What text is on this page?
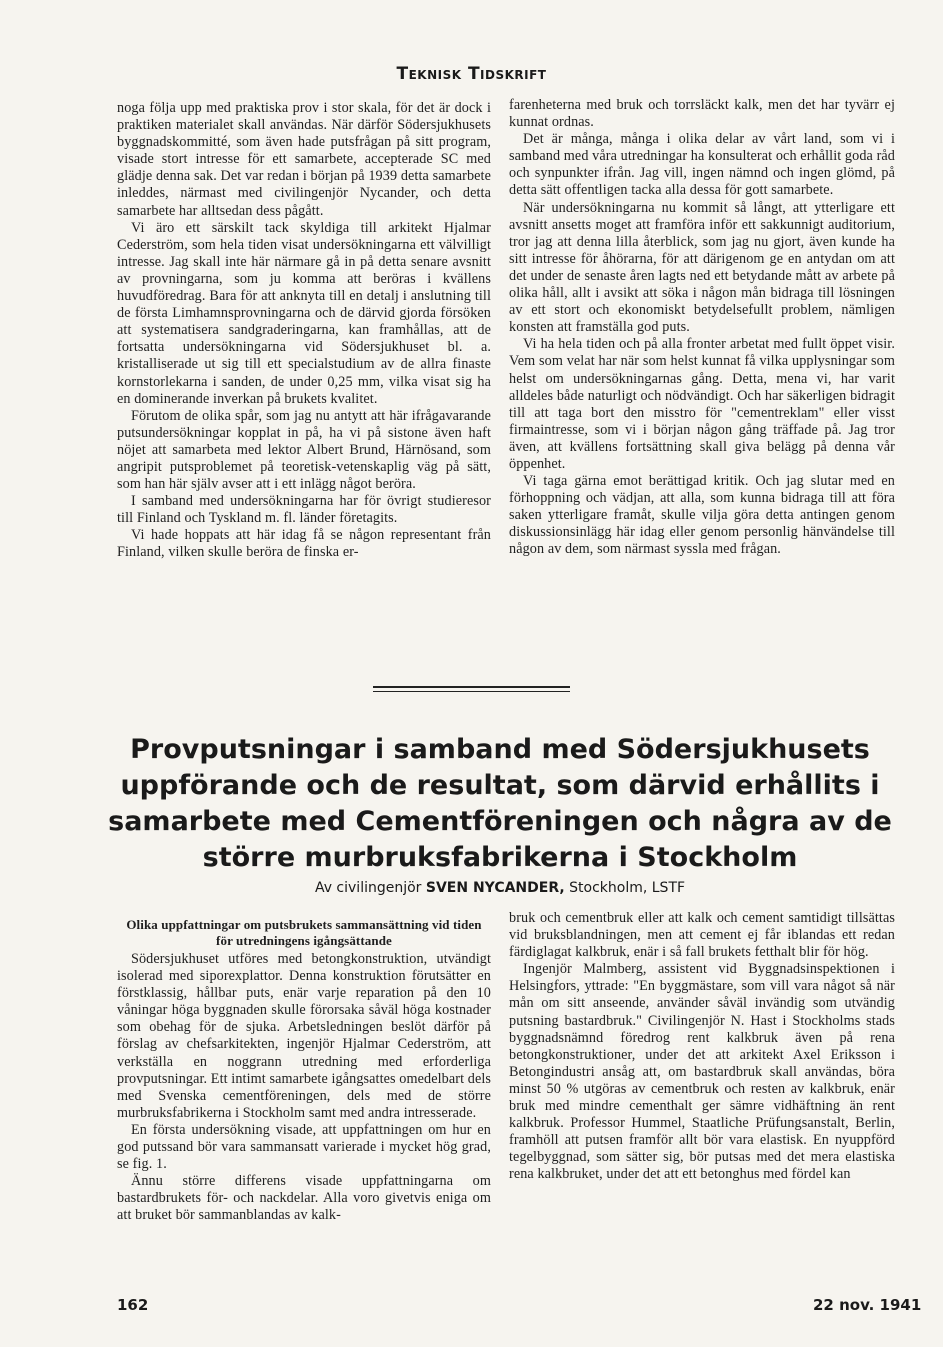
Teknisk Tidskrift

noga följa upp med praktiska prov i stor skala, för det är dock i praktiken materialet skall användas. När därför Södersjukhusets byggnadskommitté, som även hade putsfrågan på sitt program, visade stort intresse för ett samarbete, accepterade SC med glädje denna sak. Det var redan i början på 1939 detta samarbete inleddes, närmast med civilingenjör Nycander, och detta samarbete har alltsedan dess pågått.

Vi äro ett särskilt tack skyldiga till arkitekt Hjalmar Cederström, som hela tiden visat undersökningarna ett välvilligt intresse. Jag skall inte här närmare gå in på detta senare avsnitt av provningarna, som ju komma att beröras i kvällens huvudföredrag. Bara för att anknyta till en detalj i anslutning till de första Limhamnsprovningarna och de därvid gjorda försöken att systematisera sandgraderingarna, kan framhållas, att de fortsatta undersökningarna vid Södersjukhuset bl. a. kristalliserade ut sig till ett specialstudium av de allra finaste kornstorlekarna i sanden, de under 0,25 mm, vilka visat sig ha en dominerande inverkan på brukets kvalitet.

Förutom de olika spår, som jag nu antytt att här ifrågavarande putsundersökningar kopplat in på, ha vi på sistone även haft nöjet att samarbeta med lektor Albert Brund, Härnösand, som angripit putsproblemet på teoretisk-vetenskaplig väg på sätt, som han här själv avser att i ett inlägg något beröra.

I samband med undersökningarna har för övrigt studieresor till Finland och Tyskland m. fl. länder företagits.

Vi hade hoppats att här idag få se någon representant från Finland, vilken skulle beröra de finska er-

farenheterna med bruk och torrsläckt kalk, men det har tyvärr ej kunnat ordnas.

Det är många, många i olika delar av vårt land, som vi i samband med våra utredningar ha konsulterat och erhållit goda råd och synpunkter ifrån. Jag vill, ingen nämnd och ingen glömd, på detta sätt offentligen tacka alla dessa för gott samarbete.

När undersökningarna nu kommit så långt, att ytterligare ett avsnitt ansetts moget att framföra inför ett sakkunnigt auditorium, tror jag att denna lilla återblick, som jag nu gjort, även kunde ha sitt intresse för åhörarna, för att därigenom ge en antydan om att det under de senaste åren lagts ned ett betydande mått av arbete på olika håll, allt i avsikt att söka i någon mån bidraga till lösningen av ett stort och ekonomiskt betydelsefullt problem, nämligen konsten att framställa god puts.

Vi ha hela tiden och på alla fronter arbetat med fullt öppet visir. Vem som velat har när som helst kunnat få vilka upplysningar som helst om undersökningarnas gång. Detta, mena vi, har varit alldeles både naturligt och nödvändigt. Och har säkerligen bidragit till att taga bort den misstro för "cementreklam" eller visst firmaintresse, som vi i början någon gång träffade på. Jag tror även, att kvällens fortsättning skall giva belägg på denna vår öppenhet.

Vi taga gärna emot berättigad kritik. Och jag slutar med en förhoppning och vädjan, att alla, som kunna bidraga till att föra saken ytterligare framåt, skulle vilja göra detta antingen genom diskussionsinlägg här idag eller genom personlig hänvändelse till någon av dem, som närmast syssla med frågan.

Provputsningar i samband med Södersjukhusets uppförande och de resultat, som därvid erhållits i samarbete med Cementföreningen och några av de större murbruksfabrikerna i Stockholm
Av civilingenjör SVEN NYCANDER, Stockholm, LSTF
Olika uppfattningar om putsbrukets sammansättning vid tiden för utredningens igångsättande

Södersjukhuset utföres med betongkonstruktion, utvändigt isolerad med siporexplattor. Denna konstruktion förutsätter en förstklassig, hållbar puts, enär varje reparation på den 10 våningar höga byggnaden skulle förorsaka såväl höga kostnader som obehag för de sjuka. Arbetsledningen beslöt därför på förslag av chefsarkitekten, ingenjör Hjalmar Cederström, att verkställa en noggrann utredning med erforderliga provputsningar. Ett intimt samarbete igångsattes omedelbart dels med Svenska cementföreningen, dels med de större murbruksfabrikerna i Stockholm samt med andra intresserade.

En första undersökning visade, att uppfattningen om hur en god putssand bör vara sammansatt varierade i mycket hög grad, se fig. 1.

Ännu större differens visade uppfattningarna om bastardbrukets för- och nackdelar. Alla voro givetvis eniga om att bruket bör sammanblandas av kalk-

bruk och cementbruk eller att kalk och cement samtidigt tillsättas vid bruksblandningen, men att cement ej får iblandas ett redan färdiglagat kalkbruk, enär i så fall brukets fetthalt blir för hög.

Ingenjör Malmberg, assistent vid Byggnadsinspektionen i Helsingfors, yttrade: "En byggmästare, som vill vara något så när mån om sitt anseende, använder såväl invändig som utvändig putsning bastardbruk." Civilingenjör N. Hast i Stockholms stads byggnadsnämnd föredrog rent kalkbruk även på rena betongkonstruktioner, under det att arkitekt Axel Eriksson i Betongindustri ansåg att, om bastardbruk skall användas, böra minst 50 % utgöras av cementbruk och resten av kalkbruk, enär bruk med mindre cementhalt ger sämre vidhäftning än rent kalkbruk. Professor Hummel, Staatliche Prüfungsanstalt, Berlin, framhöll att putsen framför allt bör vara elastisk. En nyuppförd tegelbyggnad, som sätter sig, bör putsas med det mera elastiska rena kalkbruket, under det att ett betonghus med fördel kan

162	22 nov. 1941
